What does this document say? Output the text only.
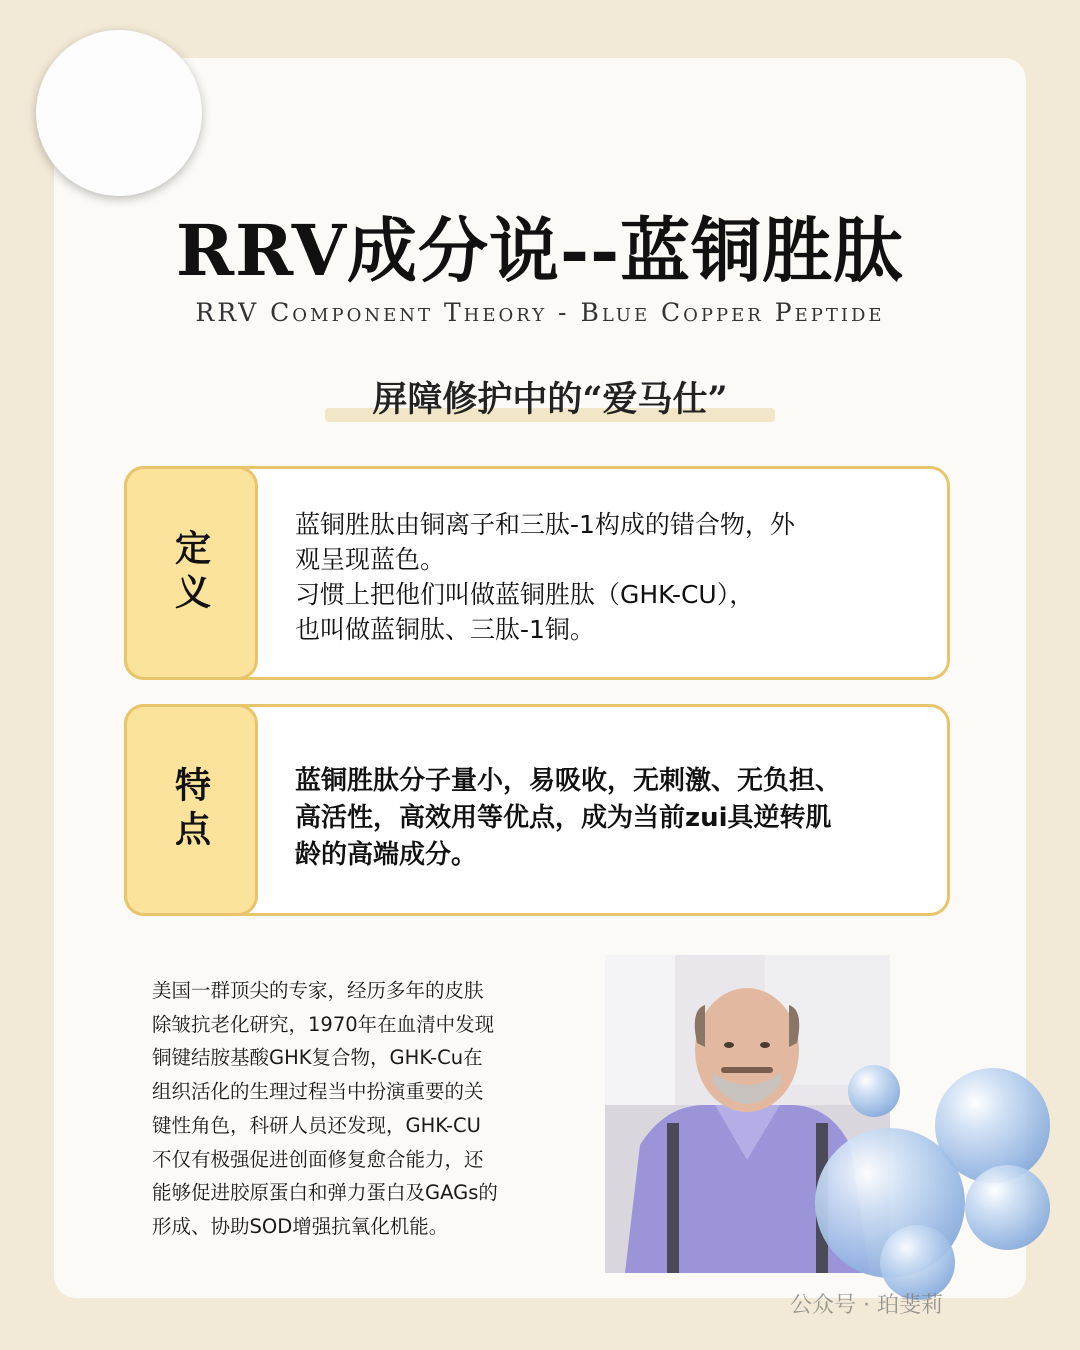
RRV成分说--蓝铜胜肽
RRV Component Theory - Blue Copper Peptide
屏障修护中的“爱马仕”
定义
蓝铜胜肽由铜离子和三肽-1构成的错合物，外
观呈现蓝色。
习惯上把他们叫做蓝铜胜肽（GHK-CU），
也叫做蓝铜肽、三肽-1铜。
特点	蓝铜胜肽分子量小，易吸收，无刺激、无负担、
高活性，高效用等优点，成为当前zui具逆转肌
龄的高端成分。
美国一群顶尖的专家，经历多年的皮肤
除皱抗老化研究，1970年在血清中发现
铜键结胺基酸GHK复合物，GHK-Cu在
组织活化的生理过程当中扮演重要的关
键性角色，科研人员还发现，GHK-CU
不仅有极强促进创面修复愈合能力，还
能够促进胶原蛋白和弹力蛋白及GAGs的
形成、协助SOD增强抗氧化机能。
公众号 · 珀斐莉
